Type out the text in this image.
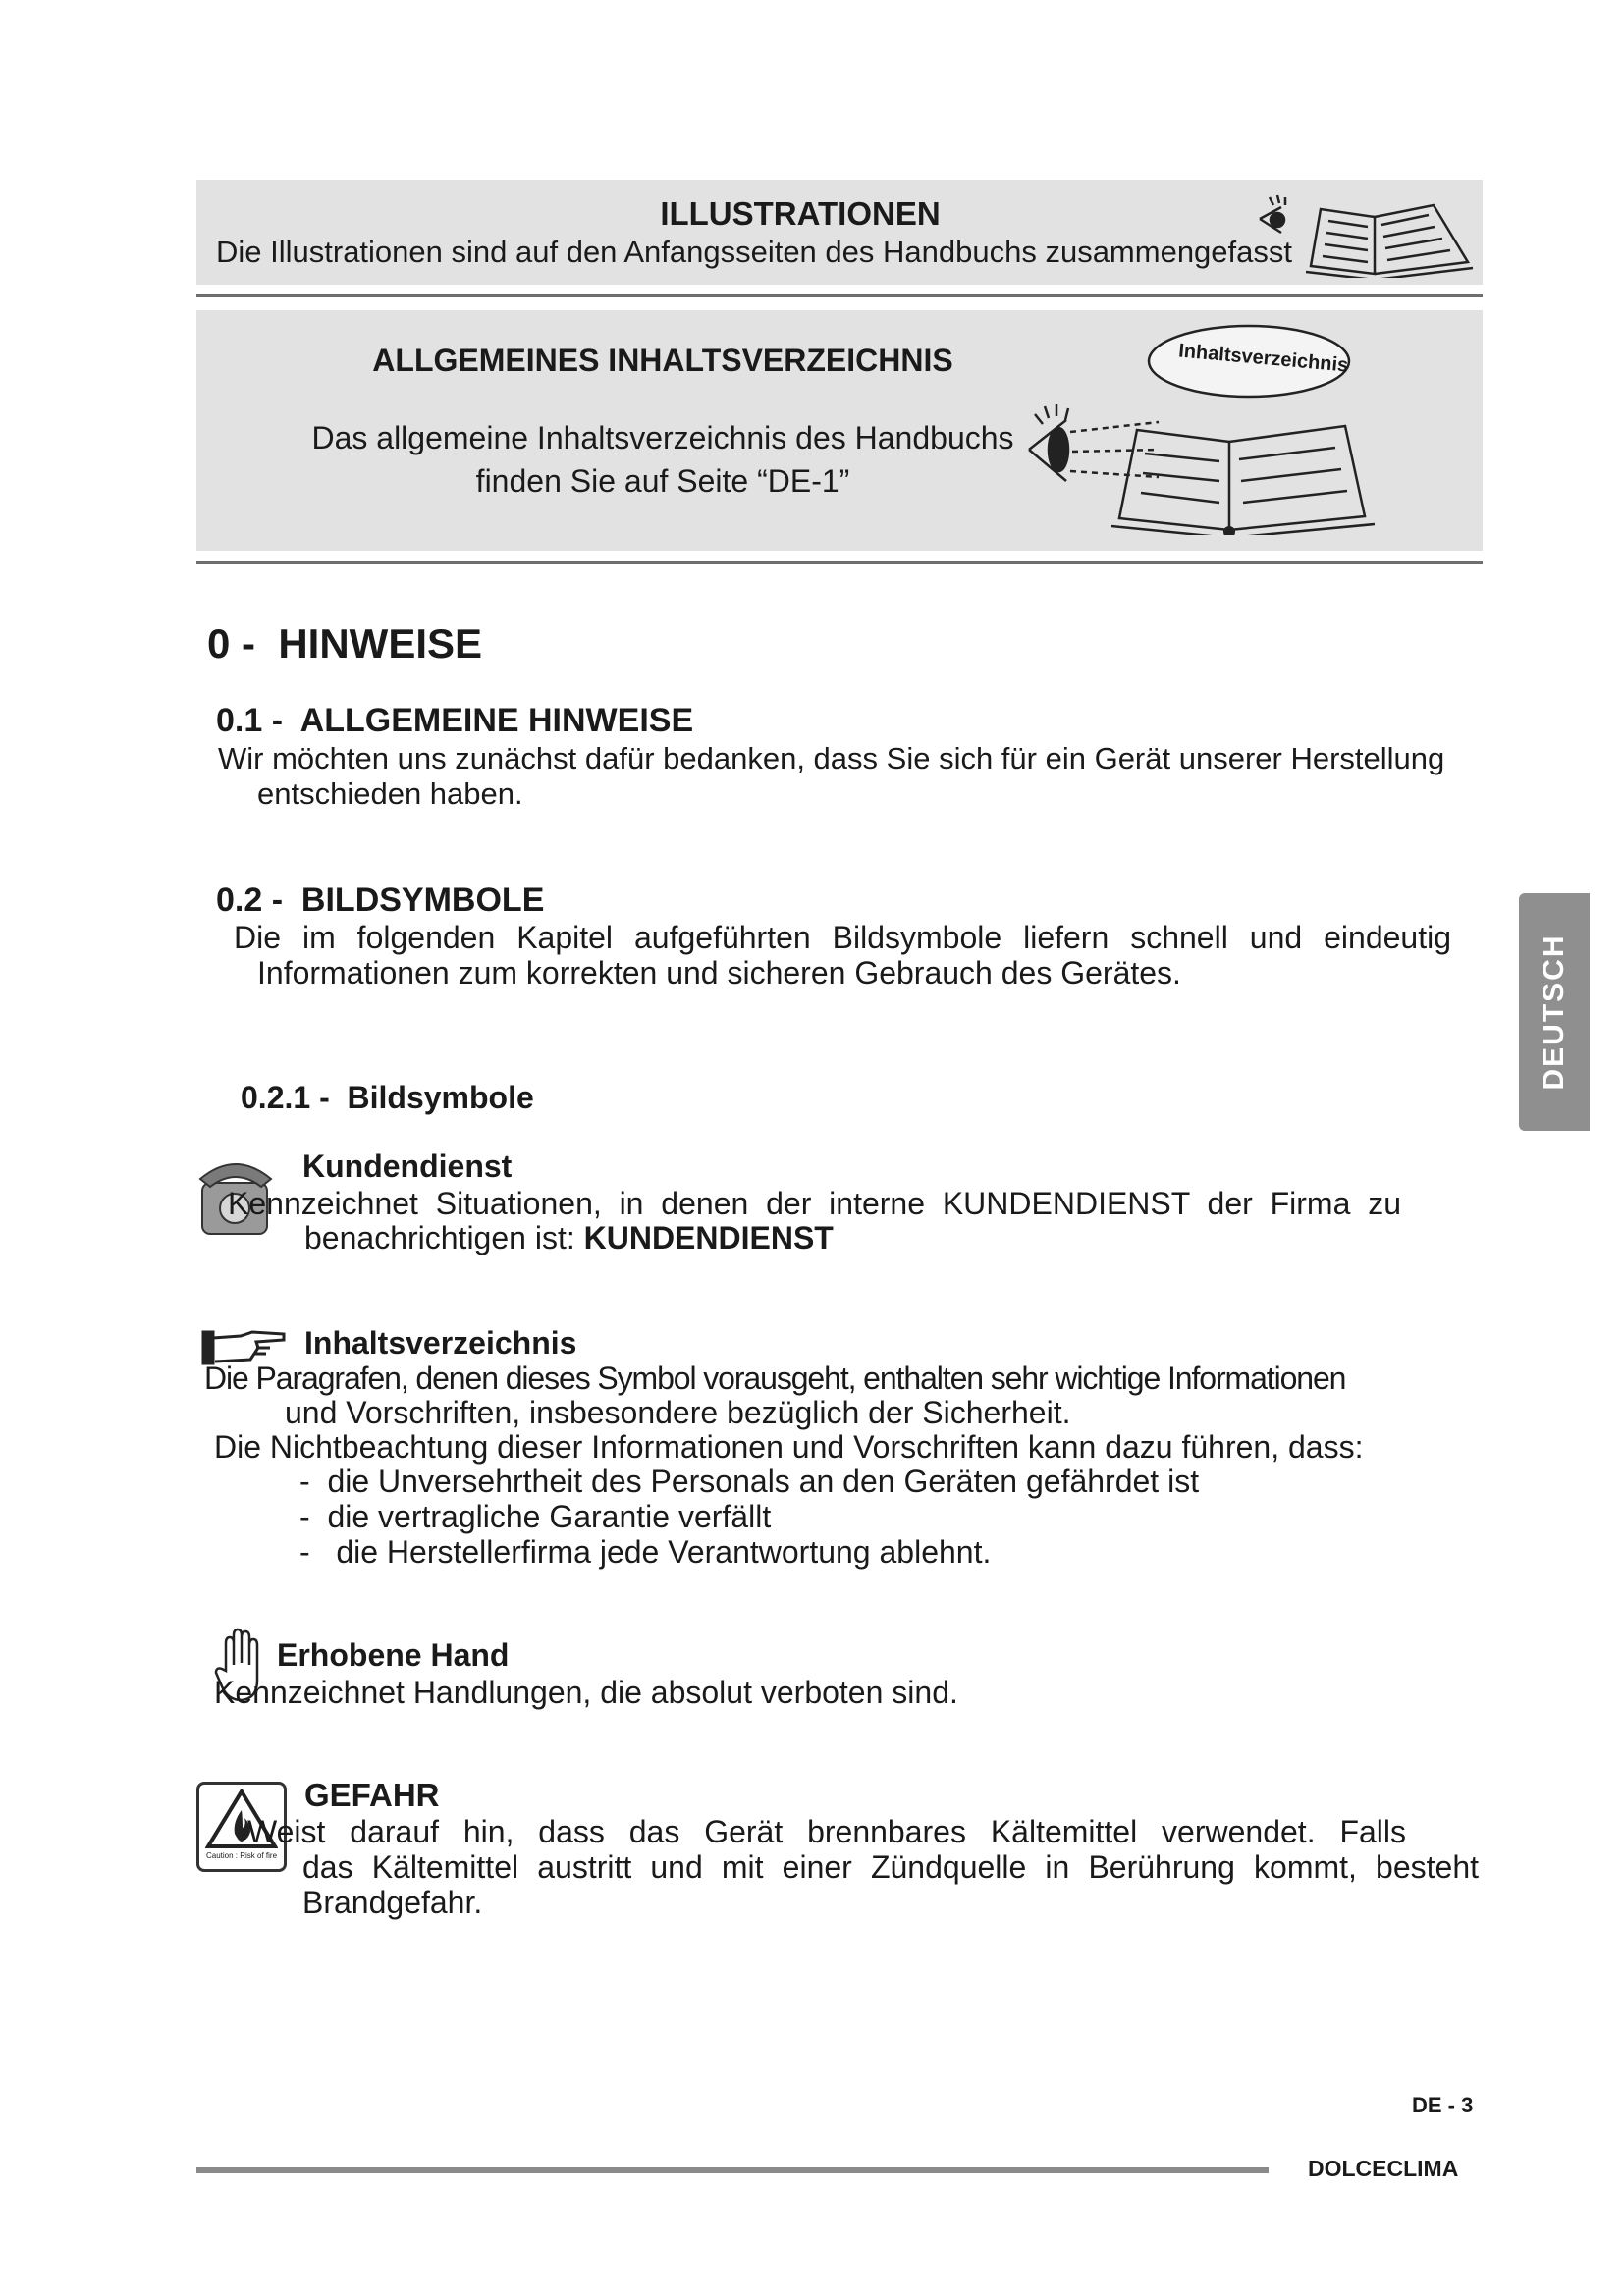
ILLUSTRATIONEN
Die Illustrationen sind auf den Anfangsseiten des Handbuchs zusammengefasst
ALLGEMEINES INHALTSVERZEICHNIS
Das allgemeine Inhaltsverzeichnis des Handbuchs
finden Sie auf Seite “DE-1”
Inhaltsverzeichnis
0 -  HINWEISE
0.1 -  ALLGEMEINE HINWEISE
Wir möchten uns zunächst dafür bedanken, dass Sie sich für ein Gerät unserer Herstellung
entschieden haben.
0.2 -  BILDSYMBOLE
Die im folgenden Kapitel aufgeführten Bildsymbole liefern schnell und eindeutig
Informationen zum korrekten und sicheren Gebrauch des Gerätes.
0.2.1 -  Bildsymbole
Kundendienst
Kennzeichnet Situationen, in denen der interne KUNDENDIENST der Firma zu
benachrichtigen ist: KUNDENDIENST
Inhaltsverzeichnis
Die Paragrafen, denen dieses Symbol vorausgeht, enthalten sehr wichtige Informationen
und Vorschriften, insbesondere bezüglich der Sicherheit.
Die Nichtbeachtung dieser Informationen und Vorschriften kann dazu führen, dass:
-  die Unversehrtheit des Personals an den Geräten gefährdet ist
-  die vertragliche Garantie verfällt
-   die Herstellerfirma jede Verantwortung ablehnt.
Erhobene Hand
Kennzeichnet Handlungen, die absolut verboten sind.
Caution : Risk of fire
GEFAHR
Weist darauf hin, dass das Gerät brennbares Kältemittel verwendet. Falls
das Kältemittel austritt und mit einer Zündquelle in Berührung kommt, besteht
Brandgefahr.
DEUTSCH
DE - 3
DOLCECLIMA
